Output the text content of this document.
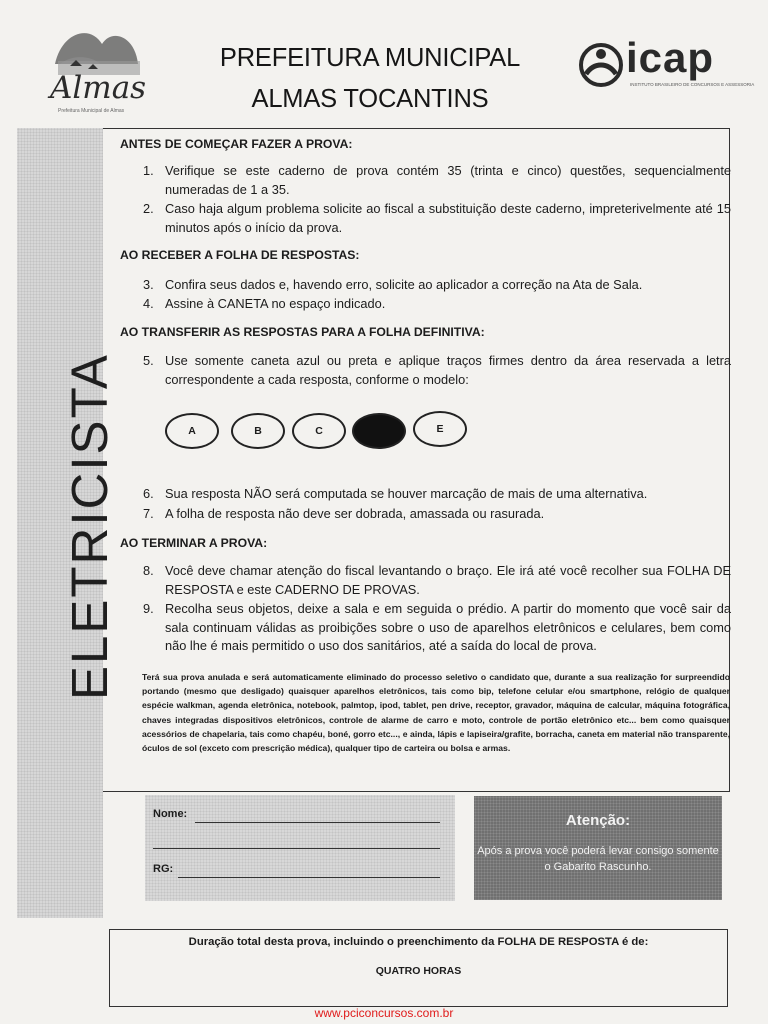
Almas
Prefeitura Municipal de Almas
PREFEITURA MUNICIPAL
ALMAS TOCANTINS
icap
INSTITUTO BRASILEIRO DE CONCURSOS E ASSESSORIA
ELETRICISTA
ANTES DE COMEÇAR FAZER A PROVA:
1. Verifique se este caderno de prova contém 35 (trinta e cinco) questões, sequencialmente numeradas de 1 a 35.
2. Caso haja algum problema solicite ao fiscal a substituição deste caderno, impreterivelmente até 15 minutos após o início da prova.
AO RECEBER A FOLHA DE RESPOSTAS:
3. Confira seus dados e, havendo erro, solicite ao aplicador a correção na Ata de Sala.
4. Assine à CANETA no espaço indicado.
AO TRANSFERIR AS RESPOSTAS PARA A FOLHA DEFINITIVA:
5. Use somente caneta azul ou preta e aplique traços firmes dentro da área reservada a letra correspondente a cada resposta, conforme o modelo:
A	B	C	E
6. Sua resposta NÃO será computada se houver marcação de mais de uma alternativa.
7. A folha de resposta não deve ser dobrada, amassada ou rasurada.
AO TERMINAR A PROVA:
8. Você deve chamar atenção do fiscal levantando o braço. Ele irá até você recolher sua FOLHA DE RESPOSTA e este CADERNO DE PROVAS.
9. Recolha seus objetos, deixe a sala e em seguida o prédio. A partir do momento que você sair da sala continuam válidas as proibições sobre o uso de aparelhos eletrônicos e celulares, bem como não lhe é mais permitido o uso dos sanitários, até a saída do local de prova.
Terá sua prova anulada e será automaticamente eliminado do processo seletivo o candidato que, durante a sua realização for surpreendido portando (mesmo que desligado) quaisquer aparelhos eletrônicos, tais como bip, telefone celular e/ou smartphone, relógio de qualquer espécie walkman, agenda eletrônica, notebook, palmtop, ipod, tablet, pen drive, receptor, gravador, máquina de calcular, máquina fotográfica, chaves integradas dispositivos eletrônicos, controle de alarme de carro e moto, controle de portão eletrônico etc... bem como quaisquer acessórios de chapelaria, tais como chapéu, boné, gorro etc..., e ainda, lápis e lapiseira/grafite, borracha, caneta em material não transparente, óculos de sol (exceto com prescrição médica), qualquer tipo de carteira ou bolsa e armas.
Nome:
RG:
Atenção:
Após a prova você poderá levar consigo somente o Gabarito Rascunho.
Duração total desta prova, incluindo o preenchimento da FOLHA DE RESPOSTA é de:
QUATRO HORAS
www.pciconcursos.com.br
